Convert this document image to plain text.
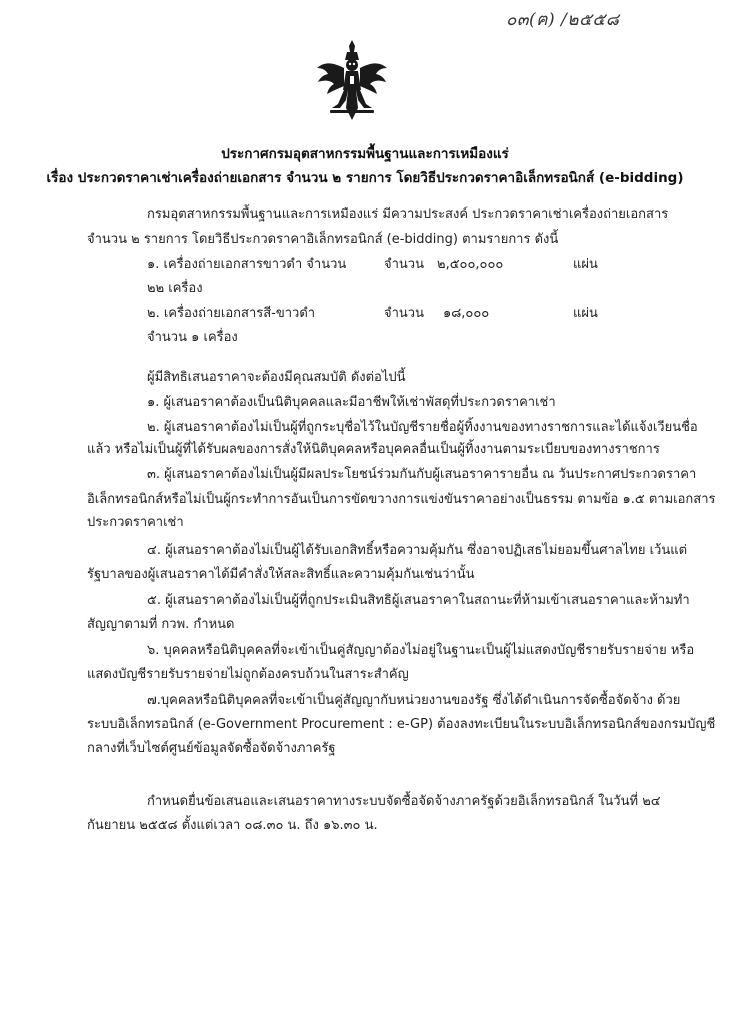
๐๓(ฅ) /๒๕๕๘
ประกาศกรมอุตสาหกรรมพื้นฐานและการเหมืองแร่
เรื่อง ประกวดราคาเช่าเครื่องถ่ายเอกสาร จำนวน ๒ รายการ โดยวิธีประกวดราคาอิเล็กทรอนิกส์ (e-bidding)
กรมอุตสาหกรรมพื้นฐานและการเหมืองแร่ มีความประสงค์ ประกวดราคาเช่าเครื่องถ่ายเอกสาร
จำนวน ๒ รายการ โดยวิธีประกวดราคาอิเล็กทรอนิกส์ (e-bidding) ตามรายการ ดังนี้
๑. เครื่องถ่ายเอกสารขาวดำ จำนวน	จำนวน ๒,๕๐๐,๐๐๐	แผ่น
๒๒ เครื่อง
๒. เครื่องถ่ายเอกสารสี-ขาวดำ	จำนวน ๑๘,๐๐๐	แผ่น
จำนวน ๑ เครื่อง
ผู้มีสิทธิเสนอราคาจะต้องมีคุณสมบัติ ดังต่อไปนี้
๑. ผู้เสนอราคาต้องเป็นนิติบุคคลและมีอาชีพให้เช่าพัสดุที่ประกวดราคาเช่า
๒. ผู้เสนอราคาต้องไม่เป็นผู้ที่ถูกระบุชื่อไว้ในบัญชีรายชื่อผู้ทิ้งงานของทางราชการและได้แจ้งเวียนชื่อ
แล้ว หรือไม่เป็นผู้ที่ได้รับผลของการสั่งให้นิติบุคคลหรือบุคคลอื่นเป็นผู้ทิ้งงานตามระเบียบของทางราชการ
๓. ผู้เสนอราคาต้องไม่เป็นผู้มีผลประโยชน์ร่วมกันกับผู้เสนอราคารายอื่น ณ วันประกาศประกวดราคา
อิเล็กทรอนิกส์หรือไม่เป็นผู้กระทำการอันเป็นการขัดขวางการแข่งขันราคาอย่างเป็นธรรม ตามข้อ ๑.๕ ตามเอกสาร
ประกวดราคาเช่า
๔. ผู้เสนอราคาต้องไม่เป็นผู้ได้รับเอกสิทธิ์หรือความคุ้มกัน ซึ่งอาจปฏิเสธไม่ยอมขึ้นศาลไทย เว้นแต่
รัฐบาลของผู้เสนอราคาได้มีคำสั่งให้สละสิทธิ์และความคุ้มกันเช่นว่านั้น
๕. ผู้เสนอราคาต้องไม่เป็นผู้ที่ถูกประเมินสิทธิผู้เสนอราคาในสถานะที่ห้ามเข้าเสนอราคาและห้ามทำ
สัญญาตามที่ กวพ. กำหนด
๖. บุคคลหรือนิติบุคคลที่จะเข้าเป็นคู่สัญญาต้องไม่อยู่ในฐานะเป็นผู้ไม่แสดงบัญชีรายรับรายจ่าย หรือ
แสดงบัญชีรายรับรายจ่ายไม่ถูกต้องครบถ้วนในสาระสำคัญ
๗.บุคคลหรือนิติบุคคลที่จะเข้าเป็นคู่สัญญากับหน่วยงานของรัฐ ซึ่งได้ดำเนินการจัดซื้อจัดจ้าง ด้วย
ระบบอิเล็กทรอนิกส์ (e-Government Procurement : e-GP) ต้องลงทะเบียนในระบบอิเล็กทรอนิกส์ของกรมบัญชี
กลางที่เว็บไซต์ศูนย์ข้อมูลจัดซื้อจัดจ้างภาครัฐ
กำหนดยื่นข้อเสนอและเสนอราคาทางระบบจัดซื้อจัดจ้างภาครัฐด้วยอิเล็กทรอนิกส์ ในวันที่ ๒๔
กันยายน ๒๕๕๘ ตั้งแต่เวลา ๐๘.๓๐ น. ถึง ๑๖.๓๐ น.
